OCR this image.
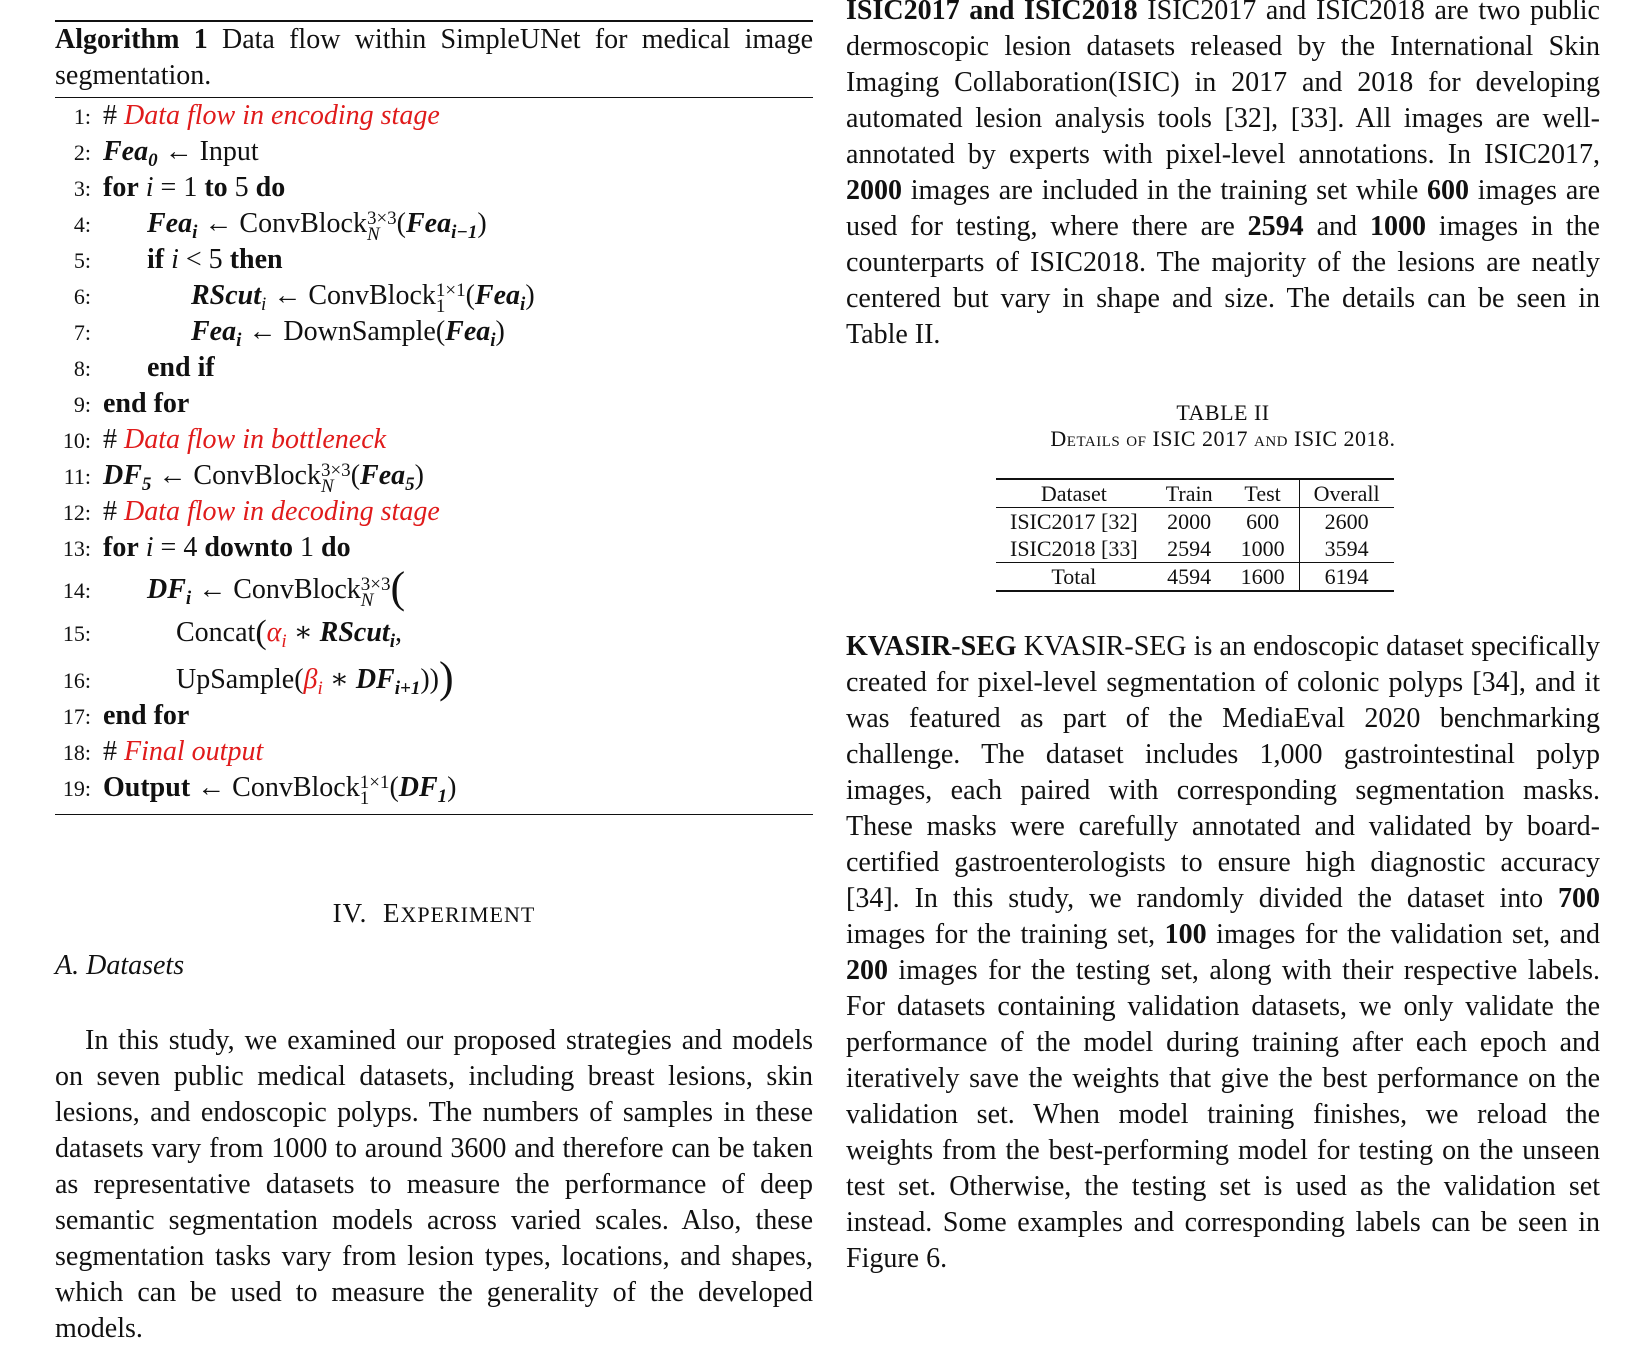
Algorithm 1 Data flow within SimpleUNet for medical image segmentation.
1: # Data flow in encoding stage
2: Fea$_0$ ← Input
3: for i = 1 to 5 do
4: Fea$_i$ ← ConvBlock 3×3
N (Fea$_{i-1}$)
5: if i < 5 then
6:	RScut$_i$ ← ConvBlock 1×1
1 (Fea$_i$)
7:	Fea$_i$ ← DownSample(Fea$_i$)
8: end if
9: end for
10: # Data flow in bottleneck
11: $DF_5$ ← ConvBlock 3×3
N (Fea$_5$)
12: # Data flow in decoding stage
13: for i = 4 downto 1 do
14: $DF_i$ ← ConvBlock 3×3
N (
15:	$Concat(\alpha_i$ ∗ RScut$_i$,
16:	$UpSample(\beta_i$ ∗ $DF_{i+1}$)))
17: end for
18: # Final output
19: Output ← ConvBlock 1×1
1 $(DF_1)$
IV. EXPERIMENT
A. Datasets

In this study, we examined our proposed strategies and models on seven public medical datasets, including breast lesions, skin lesions, and endoscopic polyps. The numbers of samples in these datasets vary from 1000 to around 3600 and therefore can be taken as representative datasets to measure the performance of deep semantic segmentation models across varied scales. Also, these segmentation tasks vary from lesion types, locations, and shapes, which can be used to measure the generality of the developed models.

ISIC2017 and ISIC2018 ISIC2017 and ISIC2018 are two public dermoscopic lesion datasets released by the International Skin Imaging Collaboration(ISIC) in 2017 and 2018 for developing automated lesion analysis tools [32], [33]. All images are well-annotated by experts with pixel-level annotations. In ISIC2017, 2000 images are included in the training set while 600 images are used for testing, where there are 2594 and 1000 images in the counterparts of ISIC2018. The majority of the lesions are neatly centered but vary in shape and size. The details can be seen in Table II.

TABLE II
Details of ISIC 2017 and ISIC 2018.
Dataset	Train	Test	Overall
ISIC2017 [32]	2000	600	2600
ISIC2018 [33]	2594	1000	3594
Total	4594	1600	6194

KVASIR-SEG KVASIR-SEG is an endoscopic dataset specifically created for pixel-level segmentation of colonic polyps [34], and it was featured as part of the MediaEval 2020 benchmarking challenge. The dataset includes 1,000 gastrointestinal polyp images, each paired with corresponding segmentation masks. These masks were carefully annotated and validated by board-certified gastroenterologists to ensure high diagnostic accuracy [34]. In this study, we randomly divided the dataset into 700 images for the training set, 100 images for the validation set, and 200 images for the testing set, along with their respective labels. For datasets containing validation datasets, we only validate the performance of the model during training after each epoch and iteratively save the weights that give the best performance on the validation set. When model training finishes, we reload the weights from the best-performing model for testing on the unseen test set. Otherwise, the testing set is used as the validation set instead. Some examples and corresponding labels can be seen in Figure 6.
